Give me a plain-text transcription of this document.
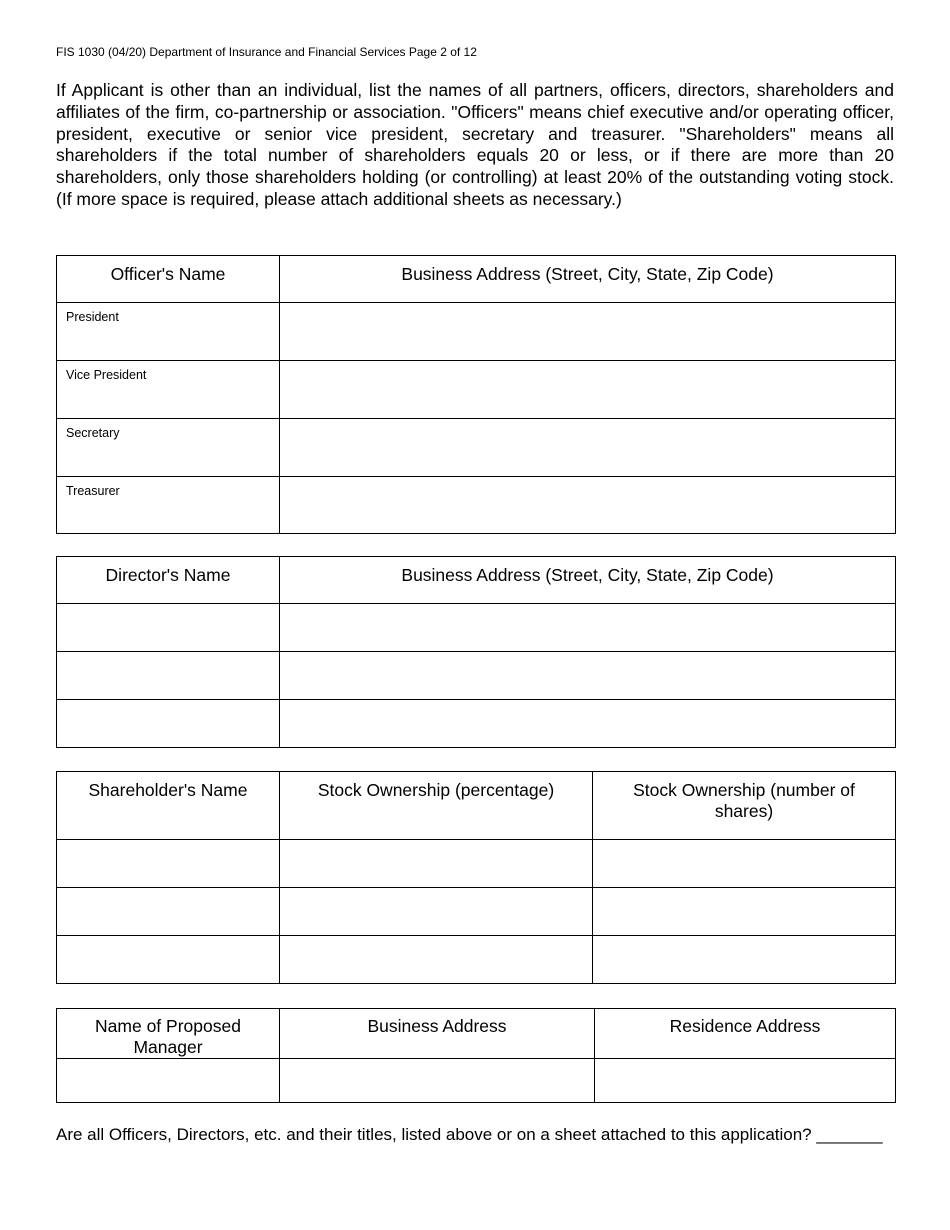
FIS 1030 (04/20) Department of Insurance and Financial Services Page 2 of 12
If Applicant is other than an individual, list the names of all partners, officers, directors, shareholders and affiliates of the firm, co-partnership or association. "Officers" means chief executive and/or operating officer, president, executive or senior vice president, secretary and treasurer. "Shareholders" means all shareholders if the total number of shareholders equals 20 or less, or if there are more than 20 shareholders, only those shareholders holding (or controlling) at least 20% of the outstanding voting stock. (If more space is required, please attach additional sheets as necessary.)
Officer's Name	Business Address (Street, City, State, Zip Code)
President	
Vice President	
Secretary	
Treasurer	
Director's Name	Business Address (Street, City, State, Zip Code)

Shareholder's Name	Stock Ownership (percentage)	Stock Ownership (number of shares)

Name of Proposed Manager	Business Address	Residence Address

Are all Officers, Directors, etc. and their titles, listed above or on a sheet attached to this application? _______
